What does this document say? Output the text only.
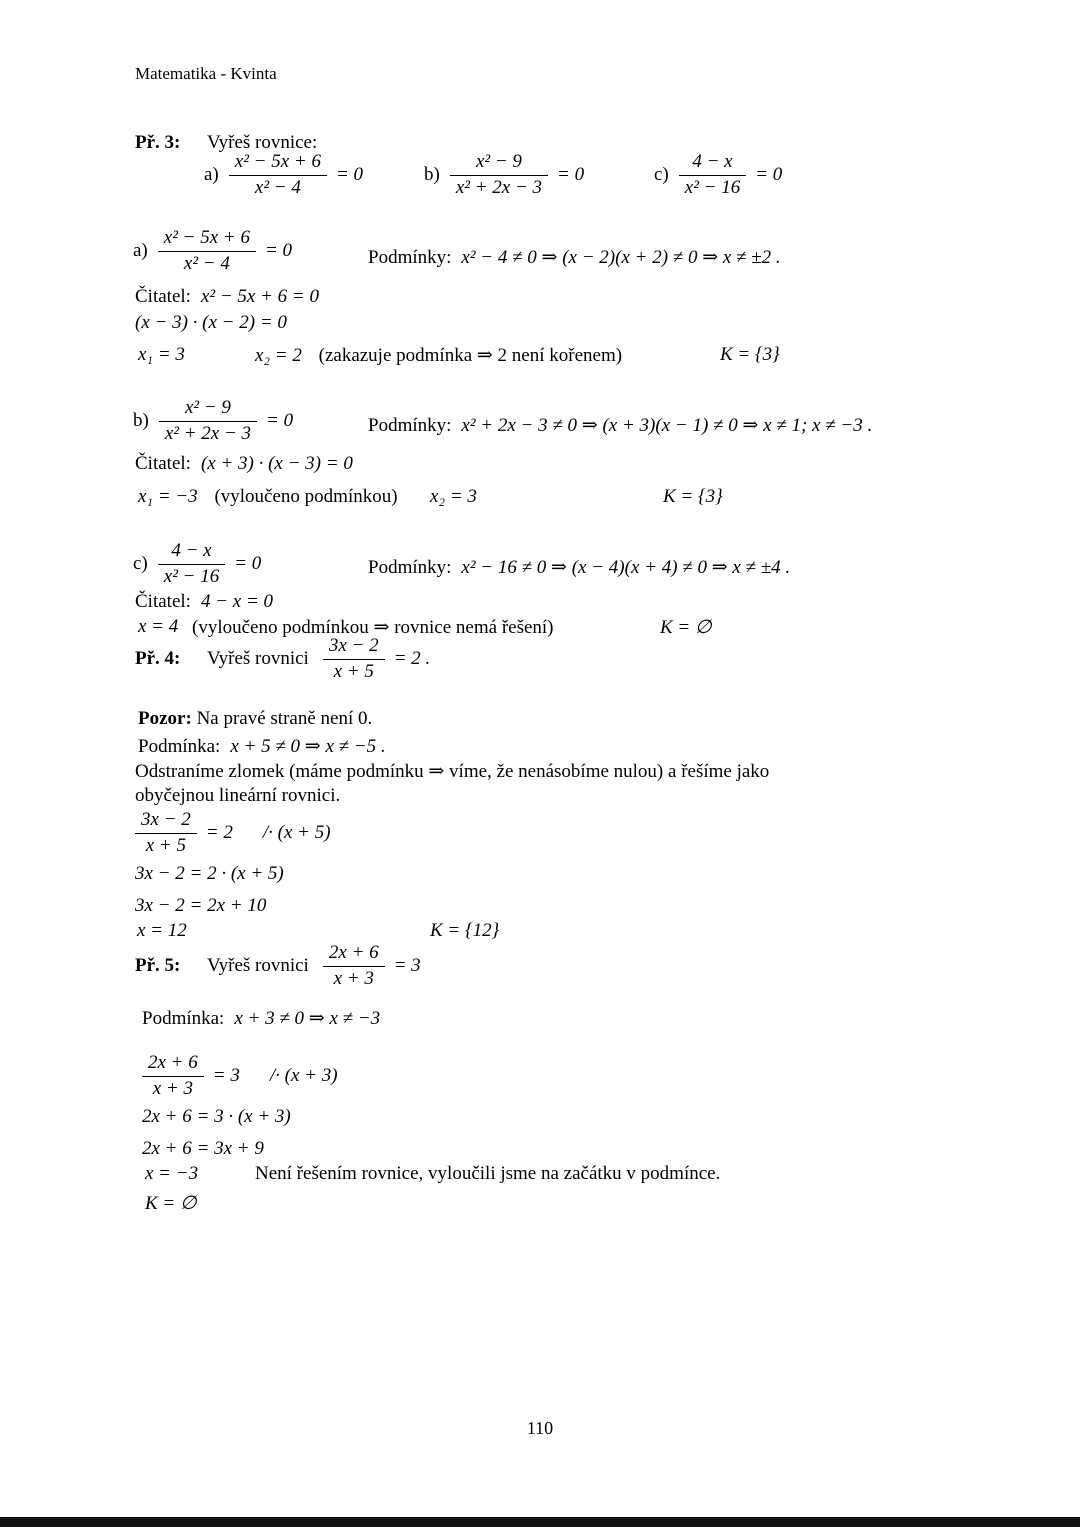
Matematika - Kvinta
Př. 3: Vyřeš rovnice:
$a) \frac{\text{x² − 5x + 6}}{\text{x² − 4}} = 0$	$b) \frac{\text{x² − 9}}{\text{x² + 2x − 3}} = 0$	$c) \frac{4 - x}{\text{x² − 16}} = 0$
$a) \frac{\text{x² − 5x + 6}}{\text{x² − 4}} = 0$	Podmínky: x² − 4 ≠ 0 ⇒ (x − 2)(x + 2) ≠ 0 ⇒ x ≠ ±2 .
Čitatel: x² − 5x + 6 = 0
(x − 3) · (x − 2) = 0
x₁ = 3	x₂ = 2 (zakazuje podmínka ⇒ 2 není kořenem)	K = {3}
$b) \frac{\text{x² − 9}}{\text{x² + 2x − 3}} = 0$	Podmínky: x² + 2x − 3 ≠ 0 ⇒ (x + 3)(x − 1) ≠ 0 ⇒ x ≠ 1; x ≠ −3 .
Čitatel: (x + 3) · (x − 3) = 0
x₁ = −3 (vyloučeno podmínkou) x₂ = 3	K = {3}
$c) \frac{4 - x}{\text{x² − 16}} = 0$	Podmínky: x² − 16 ≠ 0 ⇒ (x − 4)(x + 4) ≠ 0 ⇒ x ≠ ±4 .
Čitatel: 4 − x = 0
x = 4 (vyloučeno podmínkou ⇒ rovnice nemá řešení)	K = ∅
Př. 4:	Vyřeš rovnici $\frac{3x - 2}{x + 5} = 2$ .
Pozor: Na pravé straně není 0.
Podmínka: x + 5 ≠ 0 ⇒ x ≠ −5 .
Odstraníme zlomek (máme podmínku ⇒ víme, že nenásobíme nulou) a řešíme jako
obyčejnou lineární rovnici.
$\frac{3x - 2}{x + 5} = 2 /\cdot (x + 5)$
3x − 2 = 2 · (x + 5)
3x − 2 = 2x + 10
x = 12	K = {12}
Př. 5:	Vyřeš rovnici $\frac{2x + 6}{x + 3} = 3$
Podmínka: x + 3 ≠ 0 ⇒ x ≠ −3
$\frac{2x + 6}{x + 3} = 3 /\cdot (x + 3)$
2x + 6 = 3 · (x + 3)
2x + 6 = 3x + 9
x = −3	Není řešením rovnice, vyloučili jsme na začátku v podmínce.
K = ∅
110
